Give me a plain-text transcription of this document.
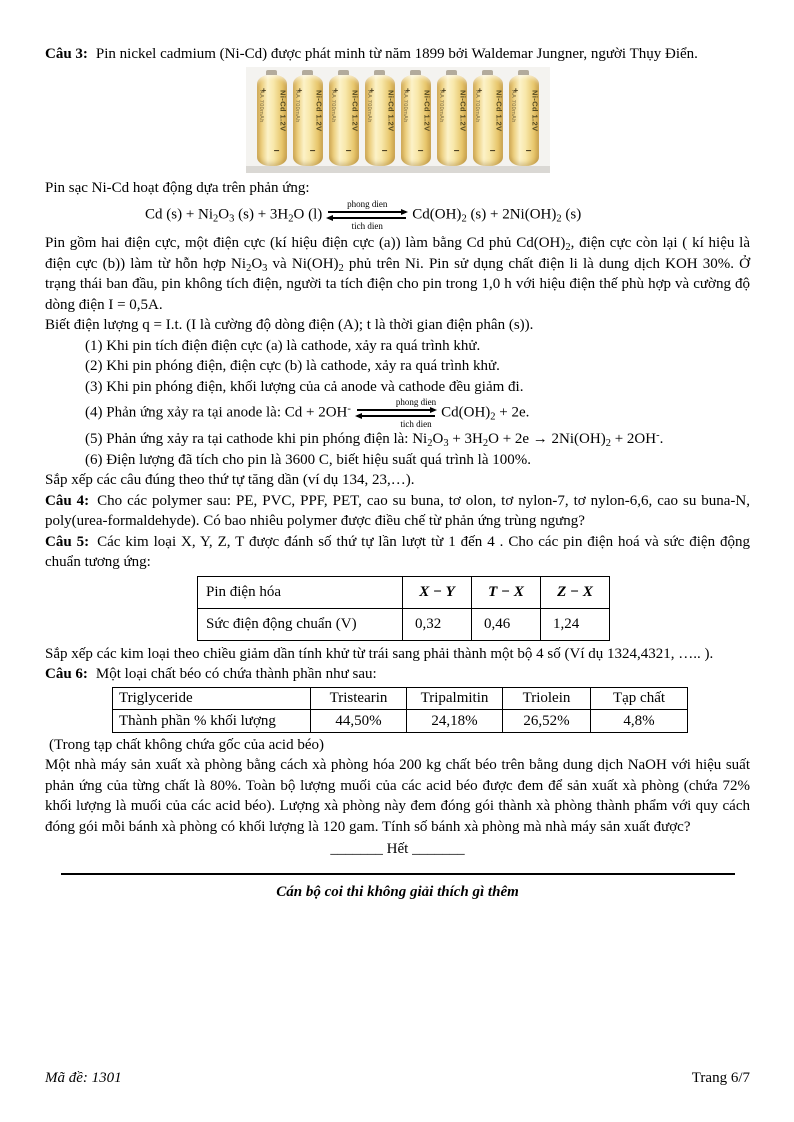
Câu 3: Pin nickel cadmium (Ni-Cd) được phát minh từ năm 1899 bởi Waldemar Jungner, người Thụy Điển.

+
AA 700mAh	Ni-Cd 1.2V
−
+
AA 700mAh	Ni-Cd 1.2V
−
+
AA 700mAh	Ni-Cd 1.2V
−
+
AA 700mAh	Ni-Cd 1.2V
−
+
AA 700mAh	Ni-Cd 1.2V
−
+
AA 700mAh	Ni-Cd 1.2V
−
+
AA 700mAh	Ni-Cd 1.2V
−
+
AA 700mAh	Ni-Cd 1.2V
−

Pin sạc Ni-Cd hoạt động dựa trên phản ứng:

Cd $(s) + Ni_2O_3$ $(s) + 3H_2O$ (l)
phong dien
tich dien
$Cd(OH)_2$ $(s) + 2Ni(OH)_2$ (s)

Pin gồm hai điện cực, một điện cực (kí hiệu điện cực (a)) làm bằng Cd phủ $Cd(OH)_2$, điện cực còn lại ( kí hiệu là điện cực (b)) làm từ hỗn hợp $Ni_2O_3$ và $Ni(OH)_2$ phủ trên Ni. Pin sử dụng chất điện li là dung dịch KOH 30%. Ở trạng thái ban đầu, pin không tích điện, người ta tích điện cho pin trong 1,0 h với hiệu điện thế phù hợp và cường độ dòng điện I = 0,5A.

Biết điện lượng q = I.t. (I là cường độ dòng điện (A); t là thời gian điện phân (s)).

(1) Khi pin tích điện điện cực (a) là cathode, xảy ra quá trình khử.

(2) Khi pin phóng điện, điện cực (b) là cathode, xảy ra quá trình khử.

(3) Khi pin phóng điện, khối lượng của cả anode và cathode đều giảm đi.

(4) Phản ứng xảy ra tại anode là: Cd + 2OH-
phong dien
tich dien
$Cd(OH)_2 + 2e$.

(5) Phản ứng xảy ra tại cathode khi pin phóng điện là: $Ni_2O_3 + 3H_2O + 2e \to 2Ni(OH)_2 + 2OH^-$.

(6) Điện lượng đã tích cho pin là 3600 C, biết hiệu suất quá trình là 100%.

Sắp xếp các câu đúng theo thứ tự tăng dần (ví dụ 134, 23,…).

Câu 4: Cho các polymer sau: PE, PVC, PPF, PET, cao su buna, tơ olon, tơ nylon-7, tơ nylon-6,6, cao su buna-N, poly(urea-formaldehyde). Có bao nhiêu polymer được điều chế từ phản ứng trùng ngưng?

Câu 5: Các kim loại X, Y, Z, T được đánh số thứ tự lần lượt từ 1 đến 4 . Cho các pin điện hoá và sức điện động chuẩn tương ứng:

Pin điện hóa	X − Y	T − X	Z − X
Sức điện động chuẩn (V)	0,32	0,46	1,24

Sắp xếp các kim loại theo chiều giảm dần tính khử từ trái sang phải thành một bộ 4 số (Ví dụ 1324,4321, ….. ).

Câu 6: Một loại chất béo có chứa thành phần như sau:

Triglyceride	Tristearin	Tripalmitin	Triolein	Tạp chất
Thành phần % khối lượng	44,50%	24,18%	26,52%	4,8%

(Trong tạp chất không chứa gốc của acid béo)

Một nhà máy sản xuất xà phòng bằng cách xà phòng hóa 200 kg chất béo trên bằng dung dịch NaOH với hiệu suất phản ứng của từng chất là 80%. Toàn bộ lượng muối của các acid béo được đem để sản xuất xà phòng (chứa 72% khối lượng là muối của các acid béo). Lượng xà phòng này đem đóng gói thành xà phòng thành phẩm với quy cách đóng gói mỗi bánh xà phòng có khối lượng là 120 gam. Tính số bánh xà phòng mà nhà máy sản xuất được?

_______ Hết _______

Cán bộ coi thi không giải thích gì thêm

Mã đề: 1301	Trang 6/7
